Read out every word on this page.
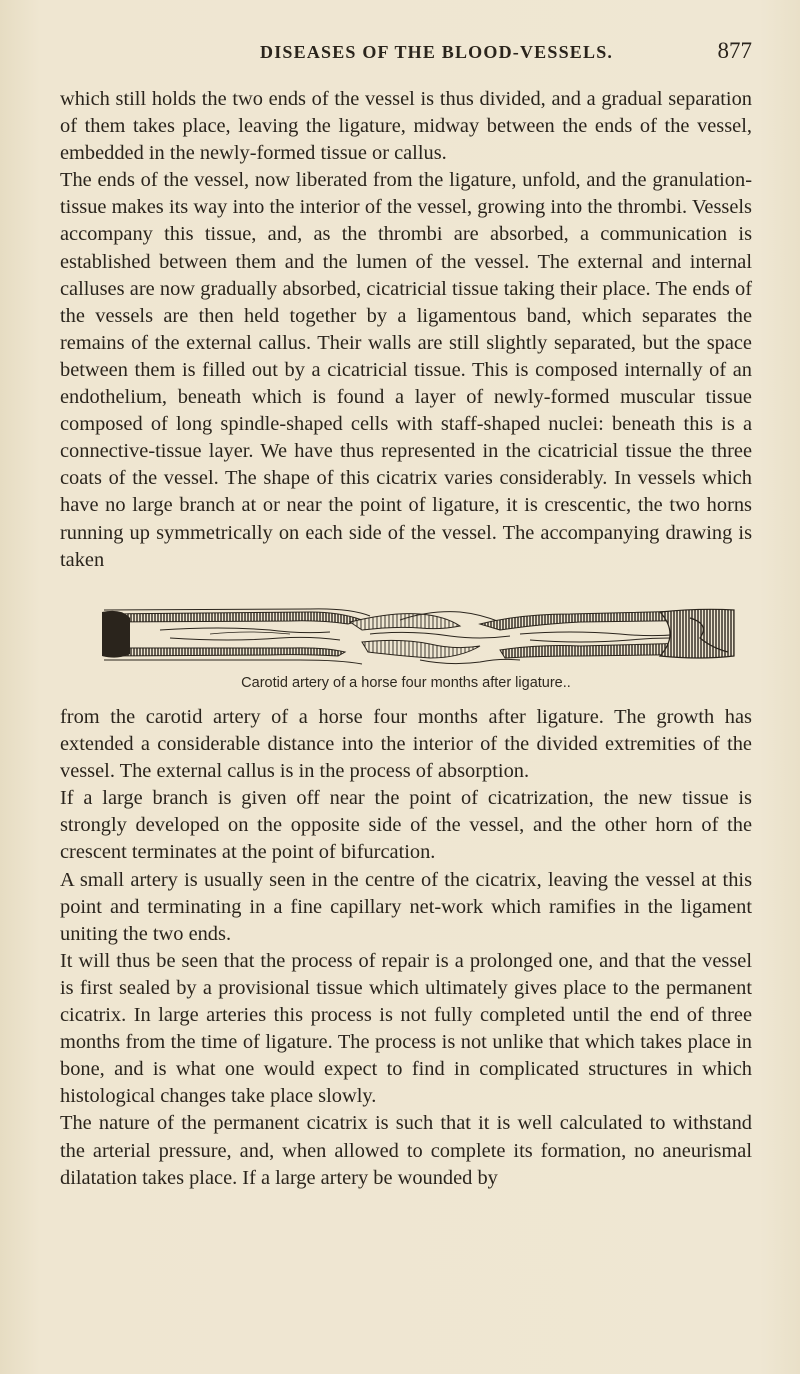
DISEASES OF THE BLOOD-VESSELS.	877

which still holds the two ends of the vessel is thus divided, and a gradual separation of them takes place, leaving the ligature, midway between the ends of the vessel, embedded in the newly-formed tissue or callus.

The ends of the vessel, now liberated from the ligature, unfold, and the granulation-tissue makes its way into the interior of the vessel, growing into the thrombi. Vessels accompany this tissue, and, as the thrombi are absorbed, a communication is established between them and the lumen of the vessel. The external and internal calluses are now gradually absorbed, cicatricial tissue taking their place. The ends of the vessels are then held together by a ligamentous band, which separates the remains of the external callus. Their walls are still slightly separated, but the space between them is filled out by a cicatricial tissue. This is composed internally of an endothelium, beneath which is found a layer of newly-formed muscular tissue composed of long spindle-shaped cells with staff-shaped nuclei: beneath this is a connective-tissue layer. We have thus represented in the cicatricial tissue the three coats of the vessel. The shape of this cicatrix varies considerably. In vessels which have no large branch at or near the point of ligature, it is crescentic, the two horns running up symmetrically on each side of the vessel. The accompanying drawing is taken

Carotid artery of a horse four months after ligature..

from the carotid artery of a horse four months after ligature. The growth has extended a considerable distance into the interior of the divided extremities of the vessel. The external callus is in the process of absorption.

If a large branch is given off near the point of cicatrization, the new tissue is strongly developed on the opposite side of the vessel, and the other horn of the crescent terminates at the point of bifurcation.

A small artery is usually seen in the centre of the cicatrix, leaving the vessel at this point and terminating in a fine capillary net-work which ramifies in the ligament uniting the two ends.

It will thus be seen that the process of repair is a prolonged one, and that the vessel is first sealed by a provisional tissue which ultimately gives place to the permanent cicatrix. In large arteries this process is not fully completed until the end of three months from the time of ligature. The process is not unlike that which takes place in bone, and is what one would expect to find in complicated structures in which histological changes take place slowly.

The nature of the permanent cicatrix is such that it is well calculated to withstand the arterial pressure, and, when allowed to complete its formation, no aneurismal dilatation takes place. If a large artery be wounded by
